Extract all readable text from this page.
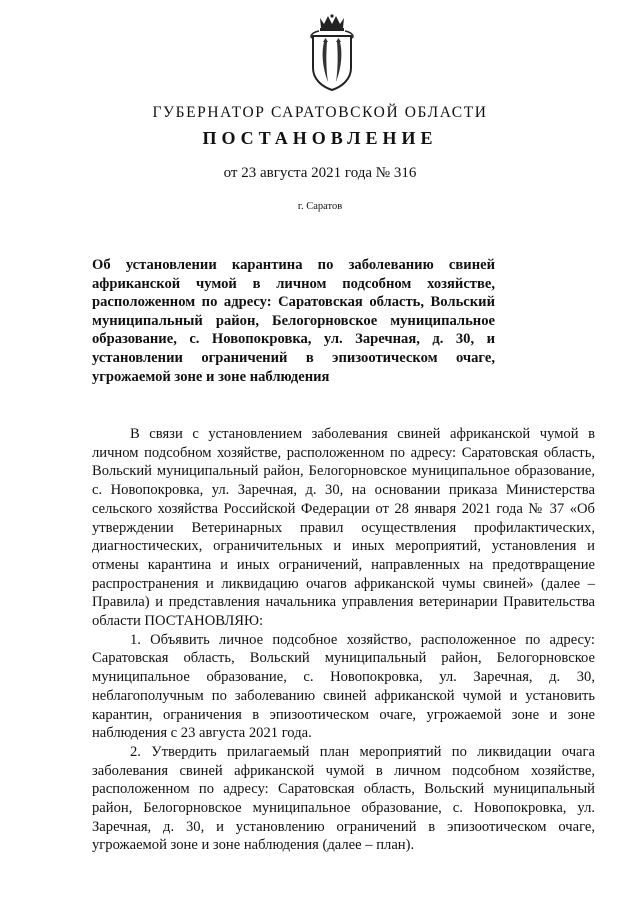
ГУБЕРНАТОР САРАТОВСКОЙ ОБЛАСТИ
ПОСТАНОВЛЕНИЕ
от 23 августа 2021 года № 316
г. Саратов
Об установлении карантина по заболеванию свиней африканской чумой в личном подсобном хозяйстве, расположенном по адресу: Саратовская область, Вольский муниципальный район, Белогорновское муниципальное образование, с. Новопокровка, ул. Заречная, д. 30, и установлении ограничений в эпизоотическом очаге, угрожаемой зоне и зоне наблюдения

В связи с установлением заболевания свиней африканской чумой в личном подсобном хозяйстве, расположенном по адресу: Саратовская область, Вольский муниципальный район, Белогорновское муниципальное образование, с. Новопокровка, ул. Заречная, д. 30, на основании приказа Министерства сельского хозяйства Российской Федерации от 28 января 2021 года № 37 «Об утверждении Ветеринарных правил осуществления профилактических, диагностических, ограничительных и иных мероприятий, установления и отмены карантина и иных ограничений, направленных на предотвращение распространения и ликвидацию очагов африканской чумы свиней» (далее – Правила) и представления начальника управления ветеринарии Правительства области ПОСТАНОВЛЯЮ:

1. Объявить личное подсобное хозяйство, расположенное по адресу: Саратовская область, Вольский муниципальный район, Белогорновское муниципальное образование, с. Новопокровка, ул. Заречная, д. 30, неблагополучным по заболеванию свиней африканской чумой и установить карантин, ограничения в эпизоотическом очаге, угрожаемой зоне и зоне наблюдения с 23 августа 2021 года.

2. Утвердить прилагаемый план мероприятий по ликвидации очага заболевания свиней африканской чумой в личном подсобном хозяйстве, расположенном по адресу: Саратовская область, Вольский муниципальный район, Белогорновское муниципальное образование, с. Новопокровка, ул. Заречная, д. 30, и установлению ограничений в эпизоотическом очаге, угрожаемой зоне и зоне наблюдения (далее – план).
